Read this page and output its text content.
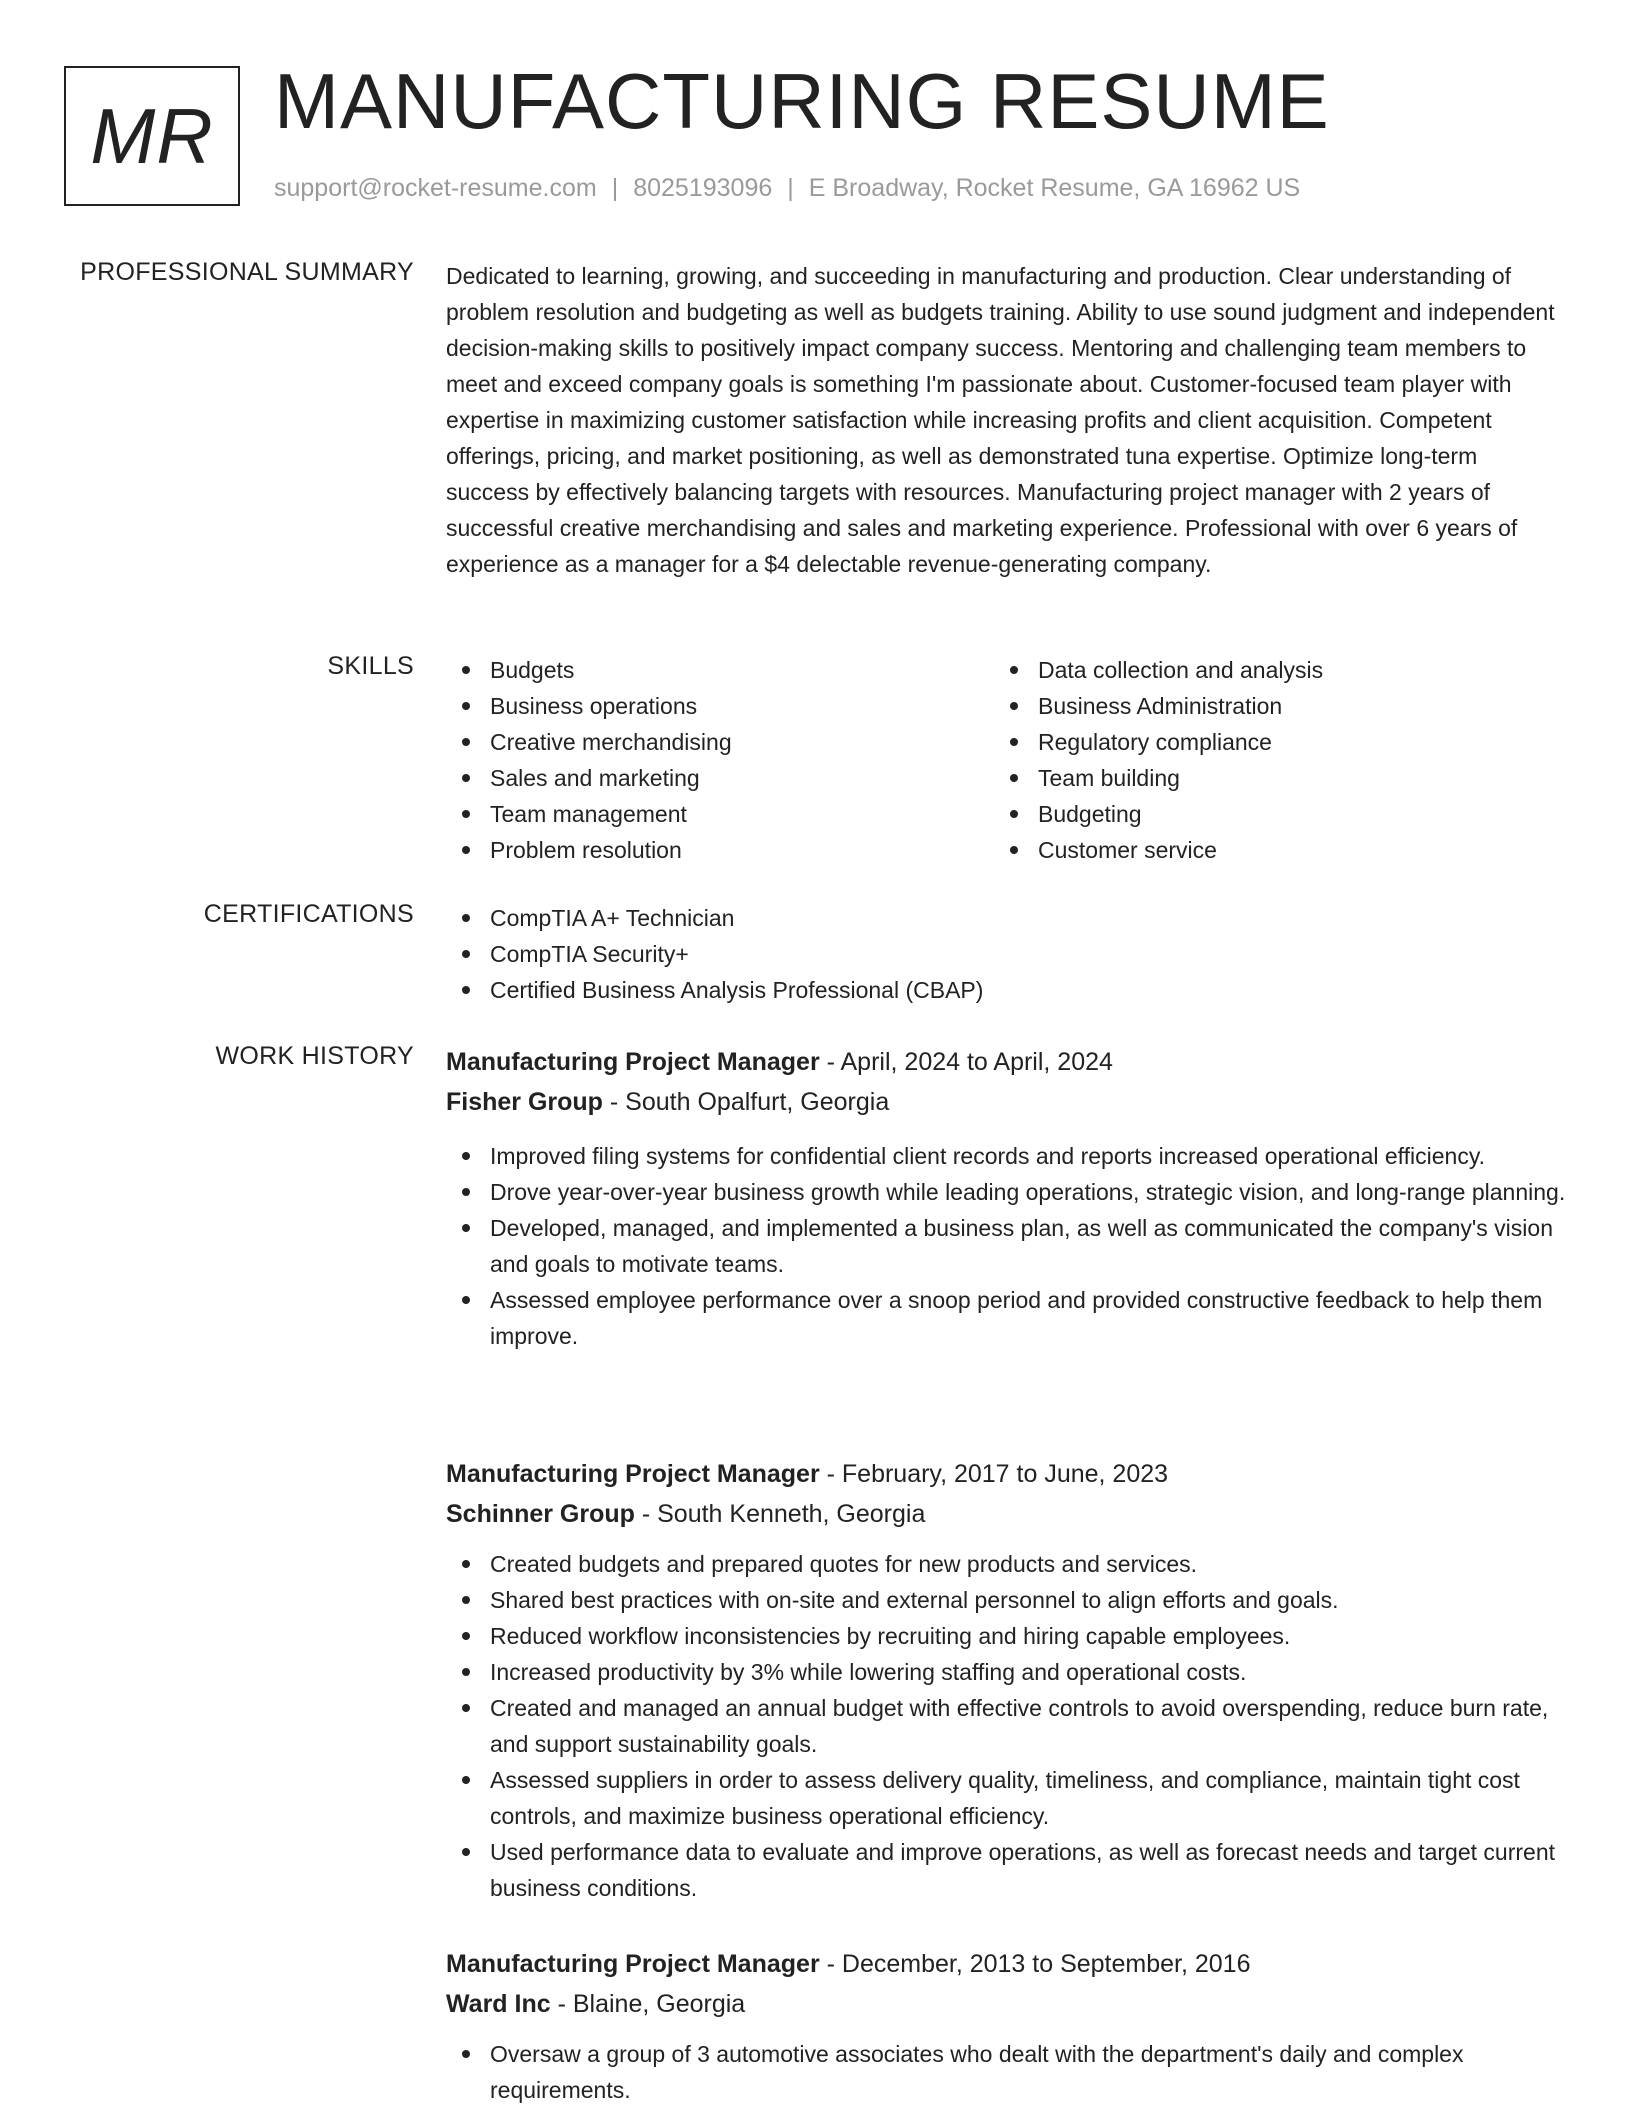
MR MANUFACTURING RESUME
support@rocket-resume.com | 8025193096 | E Broadway, Rocket Resume, GA 16962 US
PROFESSIONAL SUMMARY Dedicated to learning, growing, and succeeding in manufacturing and production. Clear understanding of problem resolution and budgeting as well as budgets training. Ability to use sound judgment and independent decision-making skills to positively impact company success. Mentoring and challenging team members to meet and exceed company goals is something I'm passionate about. Customer-focused team player with expertise in maximizing customer satisfaction while increasing profits and client acquisition. Competent offerings, pricing, and market positioning, as well as demonstrated tuna expertise. Optimize long-term success by effectively balancing targets with resources. Manufacturing project manager with 2 years of successful creative merchandising and sales and marketing experience. Professional with over 6 years of experience as a manager for a $4 delectable revenue-generating company.

SKILLS	Budgets
Business operations
Creative merchandising
Sales and marketing
Team management
Problem resolution
Data collection and analysis
Business Administration
Regulatory compliance
Team building
Budgeting
Customer service
CERTIFICATIONS	CompTIA A+ Technician
CompTIA Security+
Certified Business Analysis Professional (CBAP)
WORK HISTORY Manufacturing Project Manager - April, 2024 to April, 2024
Fisher Group - South Opalfurt, Georgia
Improved filing systems for confidential client records and reports increased operational efficiency.
Drove year-over-year business growth while leading operations, strategic vision, and long-range planning.
Developed, managed, and implemented a business plan, as well as communicated the company's vision and goals to motivate teams.
Assessed employee performance over a snoop period and provided constructive feedback to help them improve.
Manufacturing Project Manager - February, 2017 to June, 2023
Schinner Group - South Kenneth, Georgia
Created budgets and prepared quotes for new products and services.
Shared best practices with on-site and external personnel to align efforts and goals.
Reduced workflow inconsistencies by recruiting and hiring capable employees.
Increased productivity by 3% while lowering staffing and operational costs.
Created and managed an annual budget with effective controls to avoid overspending, reduce burn rate, and support sustainability goals.
Assessed suppliers in order to assess delivery quality, timeliness, and compliance, maintain tight cost controls, and maximize business operational efficiency.
Used performance data to evaluate and improve operations, as well as forecast needs and target current business conditions.
Manufacturing Project Manager - December, 2013 to September, 2016
Ward Inc - Blaine, Georgia
Oversaw a group of 3 automotive associates who dealt with the department's daily and complex requirements.
